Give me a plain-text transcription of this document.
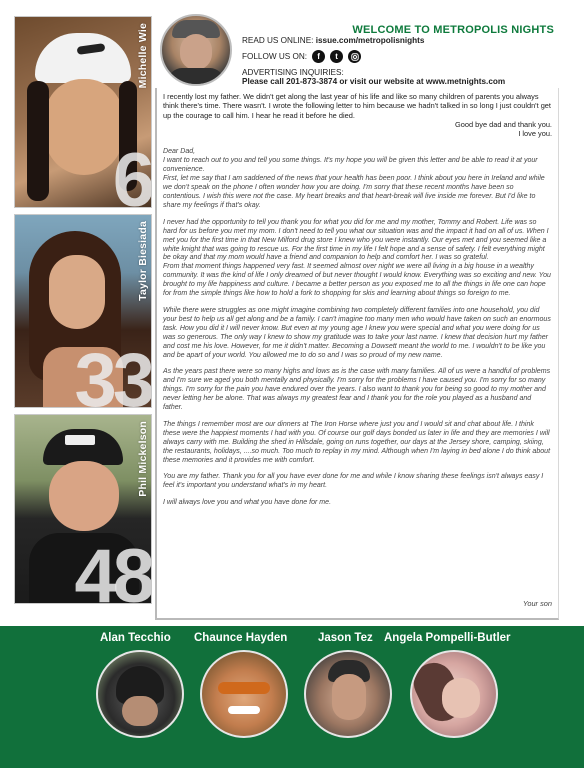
Michelle Wie
6
Taylor Biesiada
33
Phil Mickelson
48
WELCOME TO METROPOLIS NIGHTS
READ US ONLINE: issue.com/metropolisnights
FOLLOW US ON:	f	t
ADVERTISING INQUIRIES:
Please call 201-873-3874 or visit our website at www.metnights.com
I recently lost my father. We didn't get along the last year of his life and like so many children of parents you always think there's time. There wasn't. I wrote the following letter to him because we hadn't talked in so long I just couldn't get up the courage to call him. I hear he read it before he died.
Good bye dad and thank you.
I love you.

Dear Dad,

I want to reach out to you and tell you some things. It's my hope you will be given this letter and be able to read it at your convenience.

First, let me say that I am saddened of the news that your health has been poor. I think about you here in Ireland and while we don't speak on the phone I often wonder how you are doing. I'm sorry that these recent months have been so contentious. I wish this were not the case. My heart breaks and that heart-break will live inside me forever. But I'd like to share my feelings if that's okay.

I never had the opportunity to tell you thank you for what you did for me and my mother, Tommy and Robert. Life was so hard for us before you met my mom. I don't need to tell you what our situation was and the impact it had on all of us. When I met you for the first time in that New Milford drug store I knew who you were instantly. Our eyes met and you seemed like a white knight that was going to rescue us. For the first time in my life I felt hope and a sense of safety. I felt everything might be okay and that my mom would have a friend and companion to help and comfort her. I was so grateful.

From that moment things happened very fast. It seemed almost over night we were all living in a big house in a wealthy community. It was the kind of life I only dreamed of but never thought I would know. Everything was so exciting and new. You brought to my life happiness and culture. I became a better person as you exposed me to all the things in life one can hope for from the simple things like how to hold a fork to shopping for skis and learning about things so foreign to me.

While there were struggles as one might imagine combining two completely different families into one household, you did your best to help us all get along and be a family. I can't imagine too many men who would have taken on such an enormous task. How you did it I will never know. But even at my young age I knew you were special and what you were doing for us was so generous. The only way I knew to show my gratitude was to take your last name. I knew that decision hurt my father and cost me his love. However, for me it didn't matter. Becoming a Dowsett meant the world to me. I wouldn't to be like you and be apart of your world. You allowed me to do so and I was so proud of my new name.

As the years past there were so many highs and lows as is the case with many families. All of us were a handful of problems and I'm sure we aged you both mentally and physically. I'm sorry for the problems I have caused you. I'm sorry for so many things. I'm sorry for the pain you have endured over the years. I also want to thank you for being so good to my mother and never letting her be alone. That was always my greatest fear and I thank you for the role you played as a husband and father.

The things I remember most are our dinners at The Iron Horse where just you and I would sit and chat about life. I think these were the happiest moments I had with you. Of course our golf days bonded us later in life and they are memories I will always carry with me. Building the shed in Hillsdale, going on runs together, our days at the Jersey shore, camping, skiing, the restaurants, holidays, ....so much. Too much to replay in my mind. Although when I'm laying in bed alone I do think about these memories and it provides me with comfort.

You are my father. Thank you for all you have ever done for me and while I know sharing these feelings isn't always easy I feel it's important you understand what's in my heart.

I will always love you and what you have done for me.

Your son
Alan Tecchio Chaunce Hayden	Jason Tez Angela Pompelli-Butler
